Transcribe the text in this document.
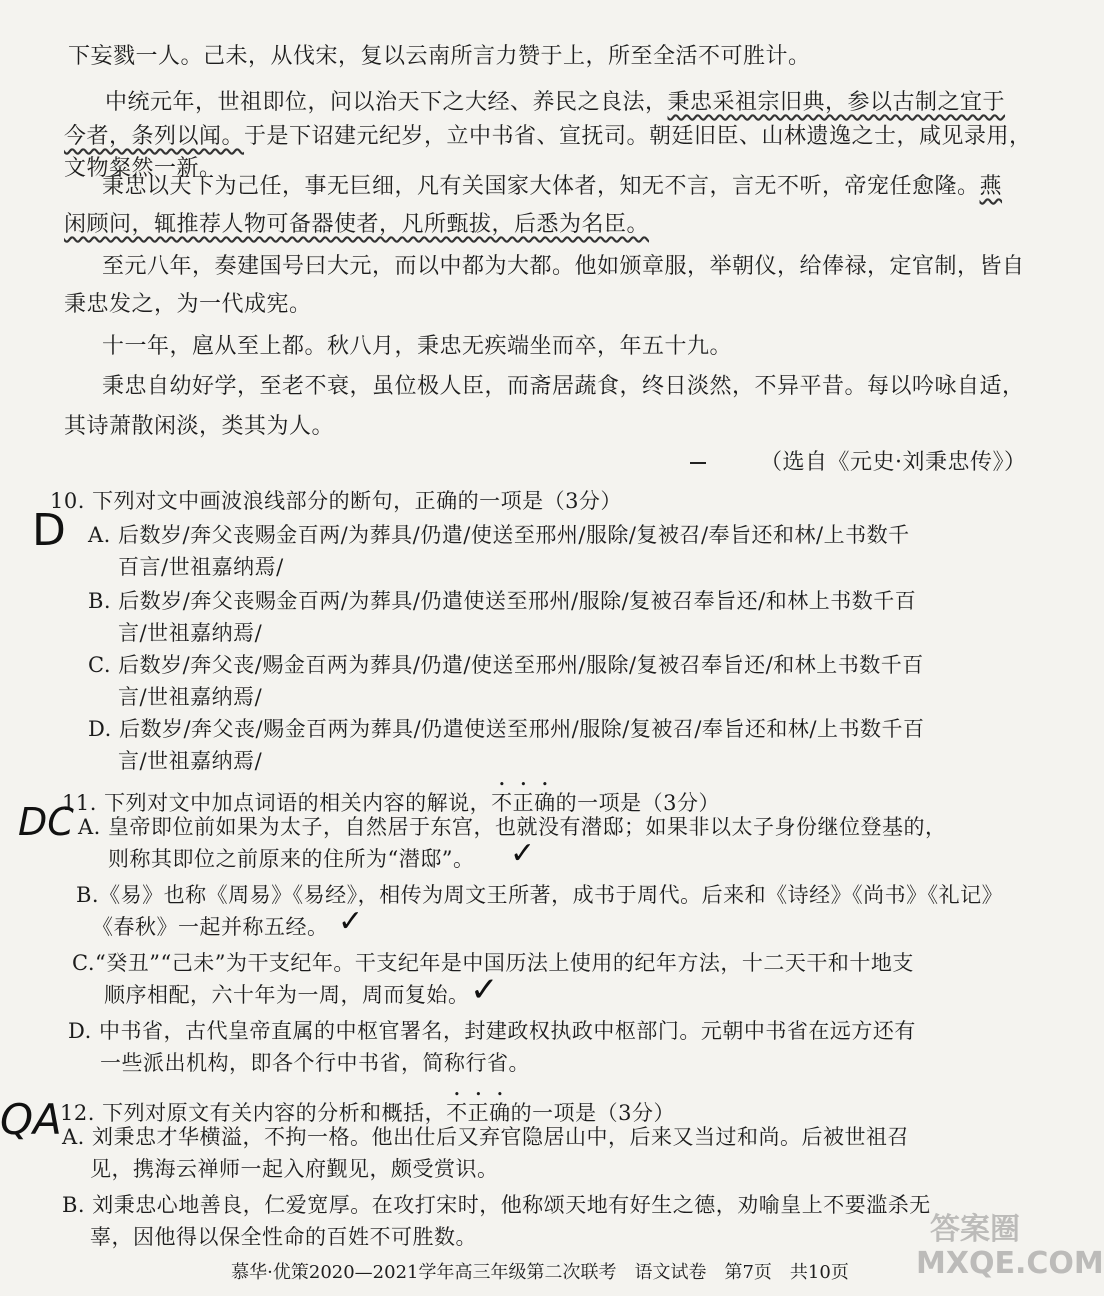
下妄戮一人。己未，从伐宋，复以云南所言力赞于上，所至全活不可胜计。
中统元年，世祖即位，问以治天下之大经、养民之良法，秉忠采祖宗旧典，参以古制之宜于
今者，条列以闻。于是下诏建元纪岁，立中书省、宣抚司。朝廷旧臣、山林遗逸之士，咸见录用，
文物粲然一新。
秉忠以天下为己任，事无巨细，凡有关国家大体者，知无不言，言无不听，帝宠任愈隆。燕
闲顾问，辄推荐人物可备器使者，凡所甄拔，后悉为名臣。
至元八年，奏建国号曰大元，而以中都为大都。他如颁章服，举朝仪，给俸禄，定官制，皆自
秉忠发之，为一代成宪。
十一年，扈从至上都。秋八月，秉忠无疾端坐而卒，年五十九。
秉忠自幼好学，至老不衰，虽位极人臣，而斋居蔬食，终日淡然，不异平昔。每以吟咏自适，
其诗萧散闲淡，类其为人。
（选自《元史·刘秉忠传》）
10. 下列对文中画波浪线部分的断句，正确的一项是（3分）
A. 后数岁/奔父丧赐金百两/为葬具/仍遣/使送至邢州/服除/复被召/奉旨还和林/上书数千
百言/世祖嘉纳焉/
B. 后数岁/奔父丧赐金百两/为葬具/仍遣使送至邢州/服除/复被召奉旨还/和林上书数千百
言/世祖嘉纳焉/
C. 后数岁/奔父丧/赐金百两为葬具/仍遣/使送至邢州/服除/复被召奉旨还/和林上书数千百
言/世祖嘉纳焉/
D. 后数岁/奔父丧/赐金百两为葬具/仍遣使送至邢州/服除/复被召/奉旨还和林/上书数千百
言/世祖嘉纳焉/
11. 下列对文中加点词语的相关内容的解说，不正确的一项是（3分）
A. 皇帝即位前如果为太子，自然居于东宫，也就没有潜邸；如果非以太子身份继位登基的，
则称其即位之前原来的住所为“潜邸”。
B.《易》也称《周易》《易经》，相传为周文王所著，成书于周代。后来和《诗经》《尚书》《礼记》
《春秋》一起并称五经。
C.“癸丑”“己未”为干支纪年。干支纪年是中国历法上使用的纪年方法，十二天干和十地支
顺序相配，六十年为一周，周而复始。
D. 中书省，古代皇帝直属的中枢官署名，封建政权执政中枢部门。元朝中书省在远方还有
一些派出机构，即各个行中书省，简称行省。
12. 下列对原文有关内容的分析和概括，不正确的一项是（3分）
A. 刘秉忠才华横溢，不拘一格。他出仕后又弃官隐居山中，后来又当过和尚。后被世祖召
见，携海云禅师一起入府觐见，颇受赏识。
B. 刘秉忠心地善良，仁爱宽厚。在攻打宋时，他称颂天地有好生之德，劝喻皇上不要滥杀无
辜，因他得以保全性命的百姓不可胜数。
D
DC
QA
✓
✓
✓
答案圈
MXQE.COM
慕华·优策2020—2021学年高三年级第二次联考　语文试卷　第7页　共10页
